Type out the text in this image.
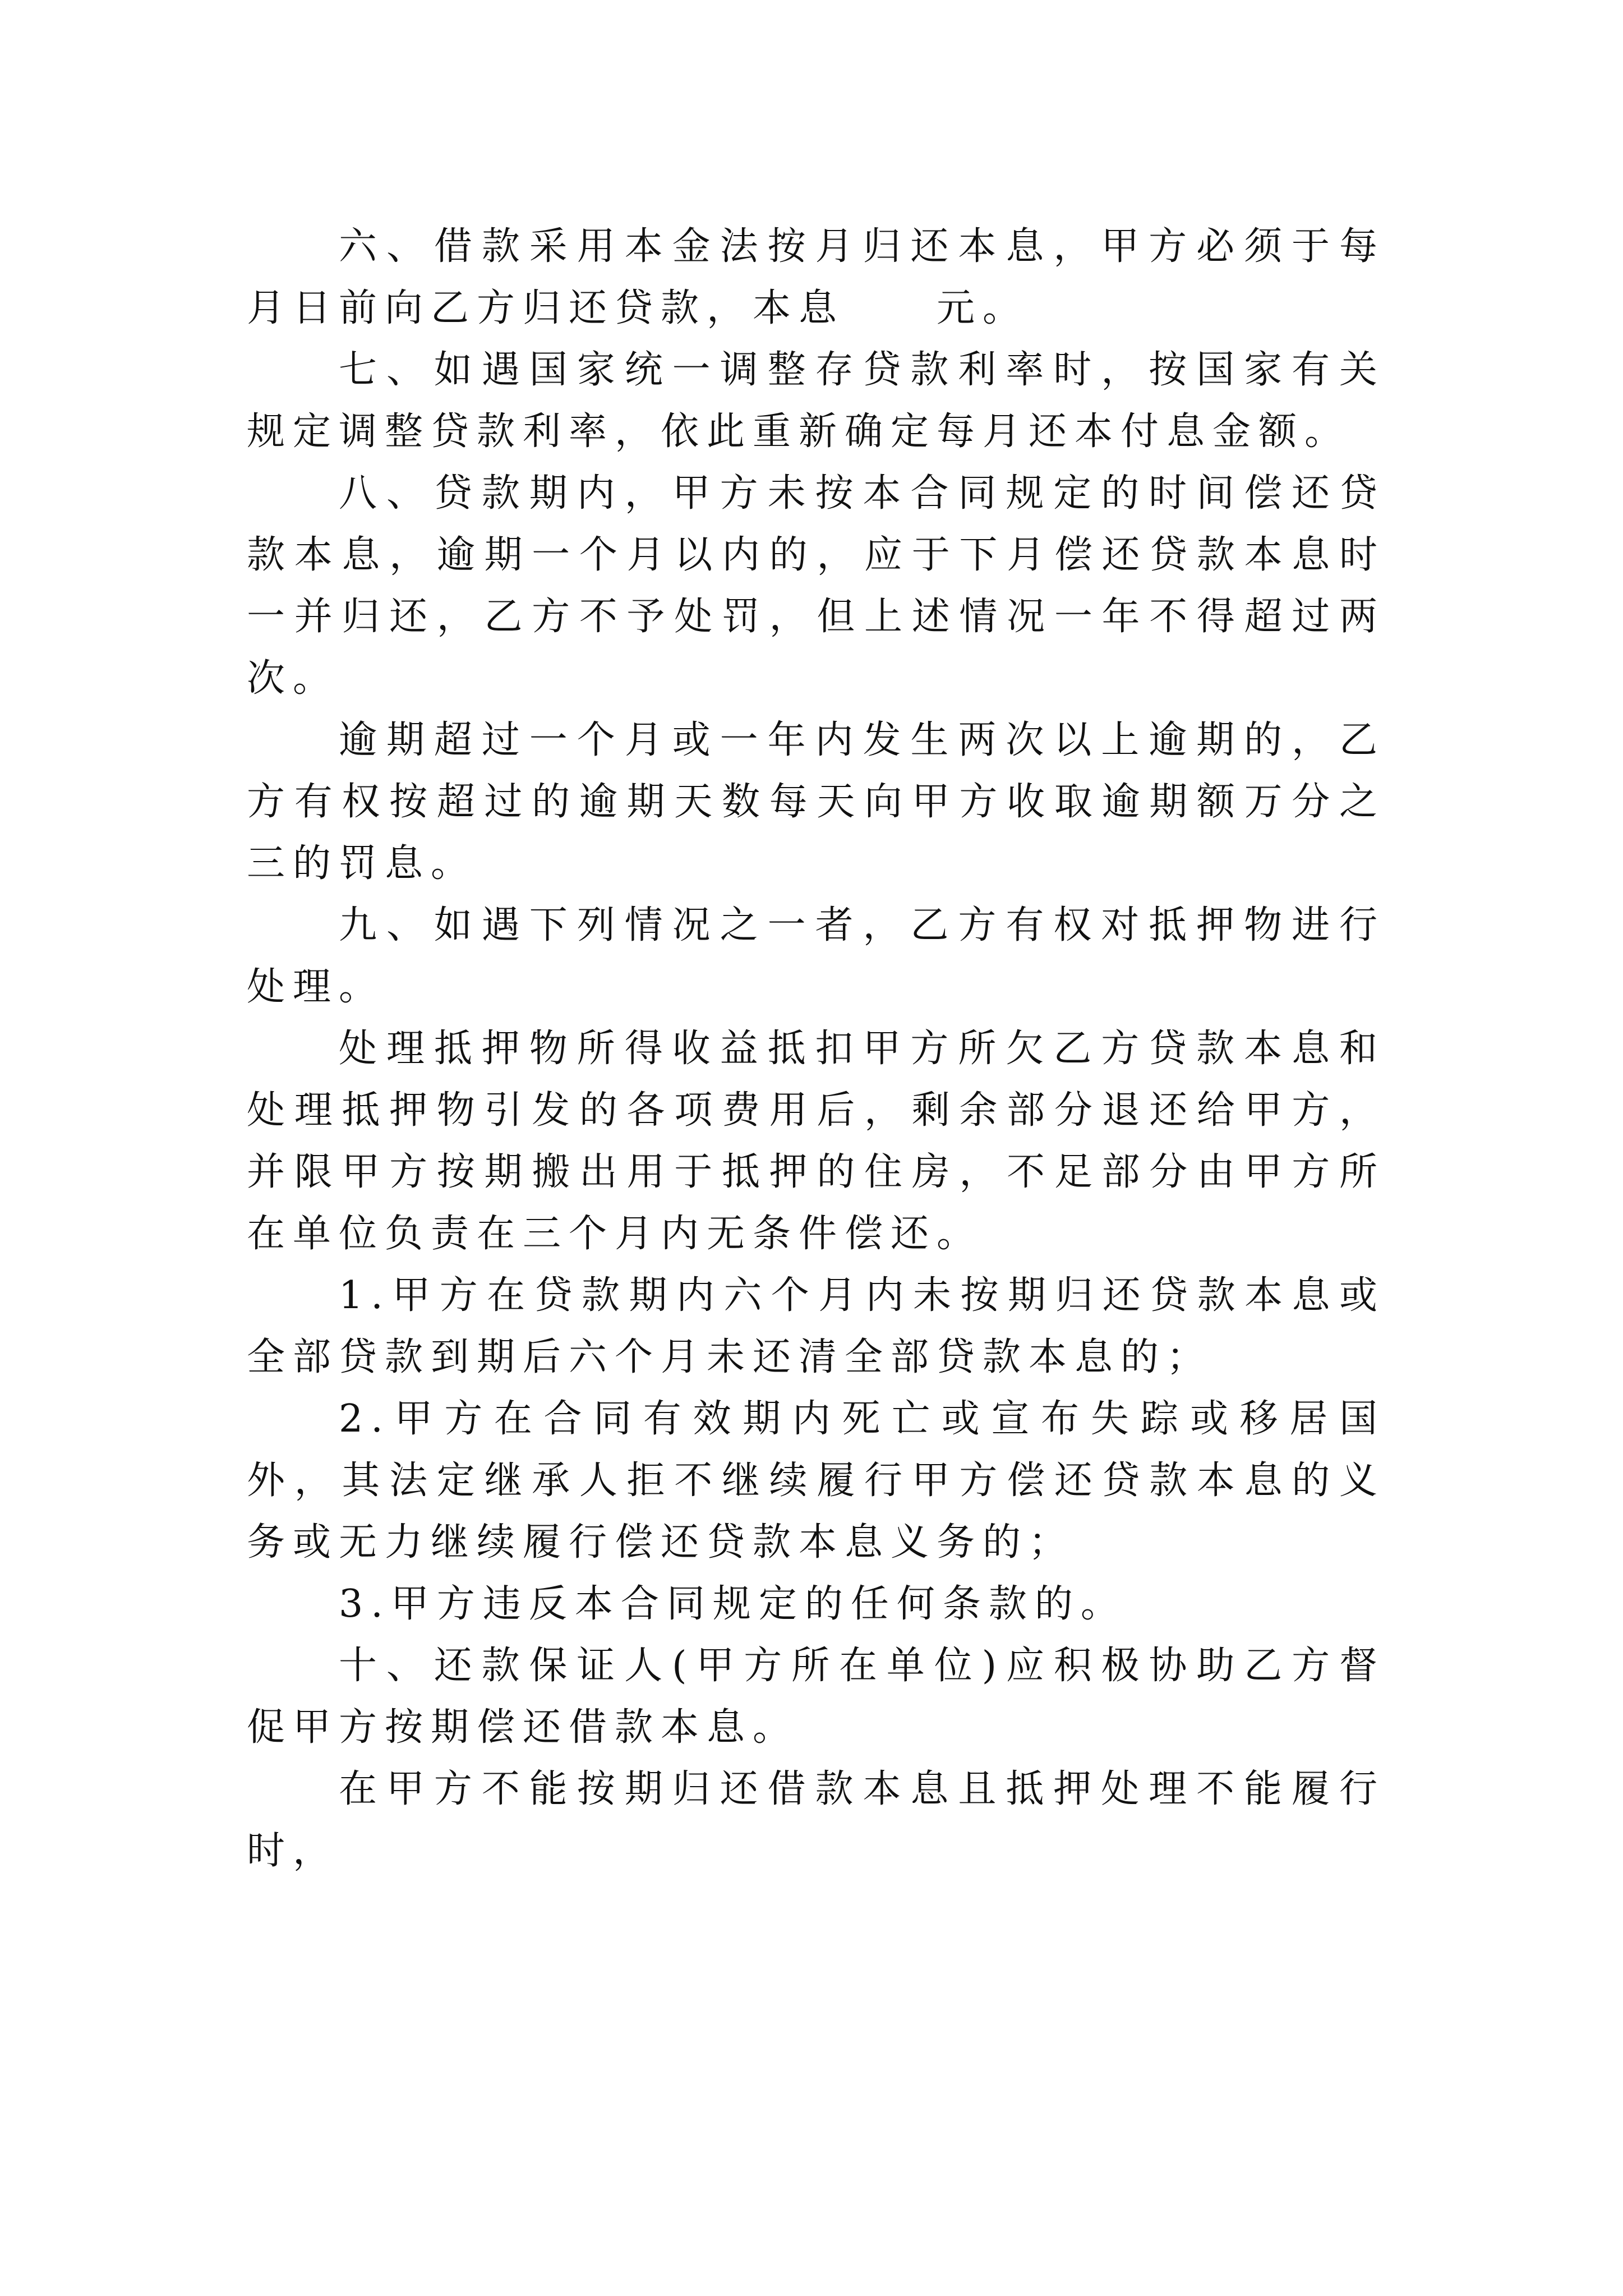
六、借款采用本金法按月归还本息，甲方必须于每月日前向乙方归还贷款，本息　　元。

七、如遇国家统一调整存贷款利率时，按国家有关规定调整贷款利率，依此重新确定每月还本付息金额。

八、贷款期内，甲方未按本合同规定的时间偿还贷款本息，逾期一个月以内的，应于下月偿还贷款本息时一并归还，乙方不予处罚，但上述情况一年不得超过两次。

逾期超过一个月或一年内发生两次以上逾期的，乙方有权按超过的逾期天数每天向甲方收取逾期额万分之三的罚息。

九、如遇下列情况之一者，乙方有权对抵押物进行处理。

处理抵押物所得收益抵扣甲方所欠乙方贷款本息和处理抵押物引发的各项费用后，剩余部分退还给甲方，并限甲方按期搬出用于抵押的住房，不足部分由甲方所在单位负责在三个月内无条件偿还。

1.甲方在贷款期内六个月内未按期归还贷款本息或全部贷款到期后六个月未还清全部贷款本息的；

2.甲方在合同有效期内死亡或宣布失踪或移居国外，其法定继承人拒不继续履行甲方偿还贷款本息的义务或无力继续履行偿还贷款本息义务的；

3.甲方违反本合同规定的任何条款的。

十、还款保证人(甲方所在单位)应积极协助乙方督促甲方按期偿还借款本息。

在甲方不能按期归还借款本息且抵押处理不能履行时，
